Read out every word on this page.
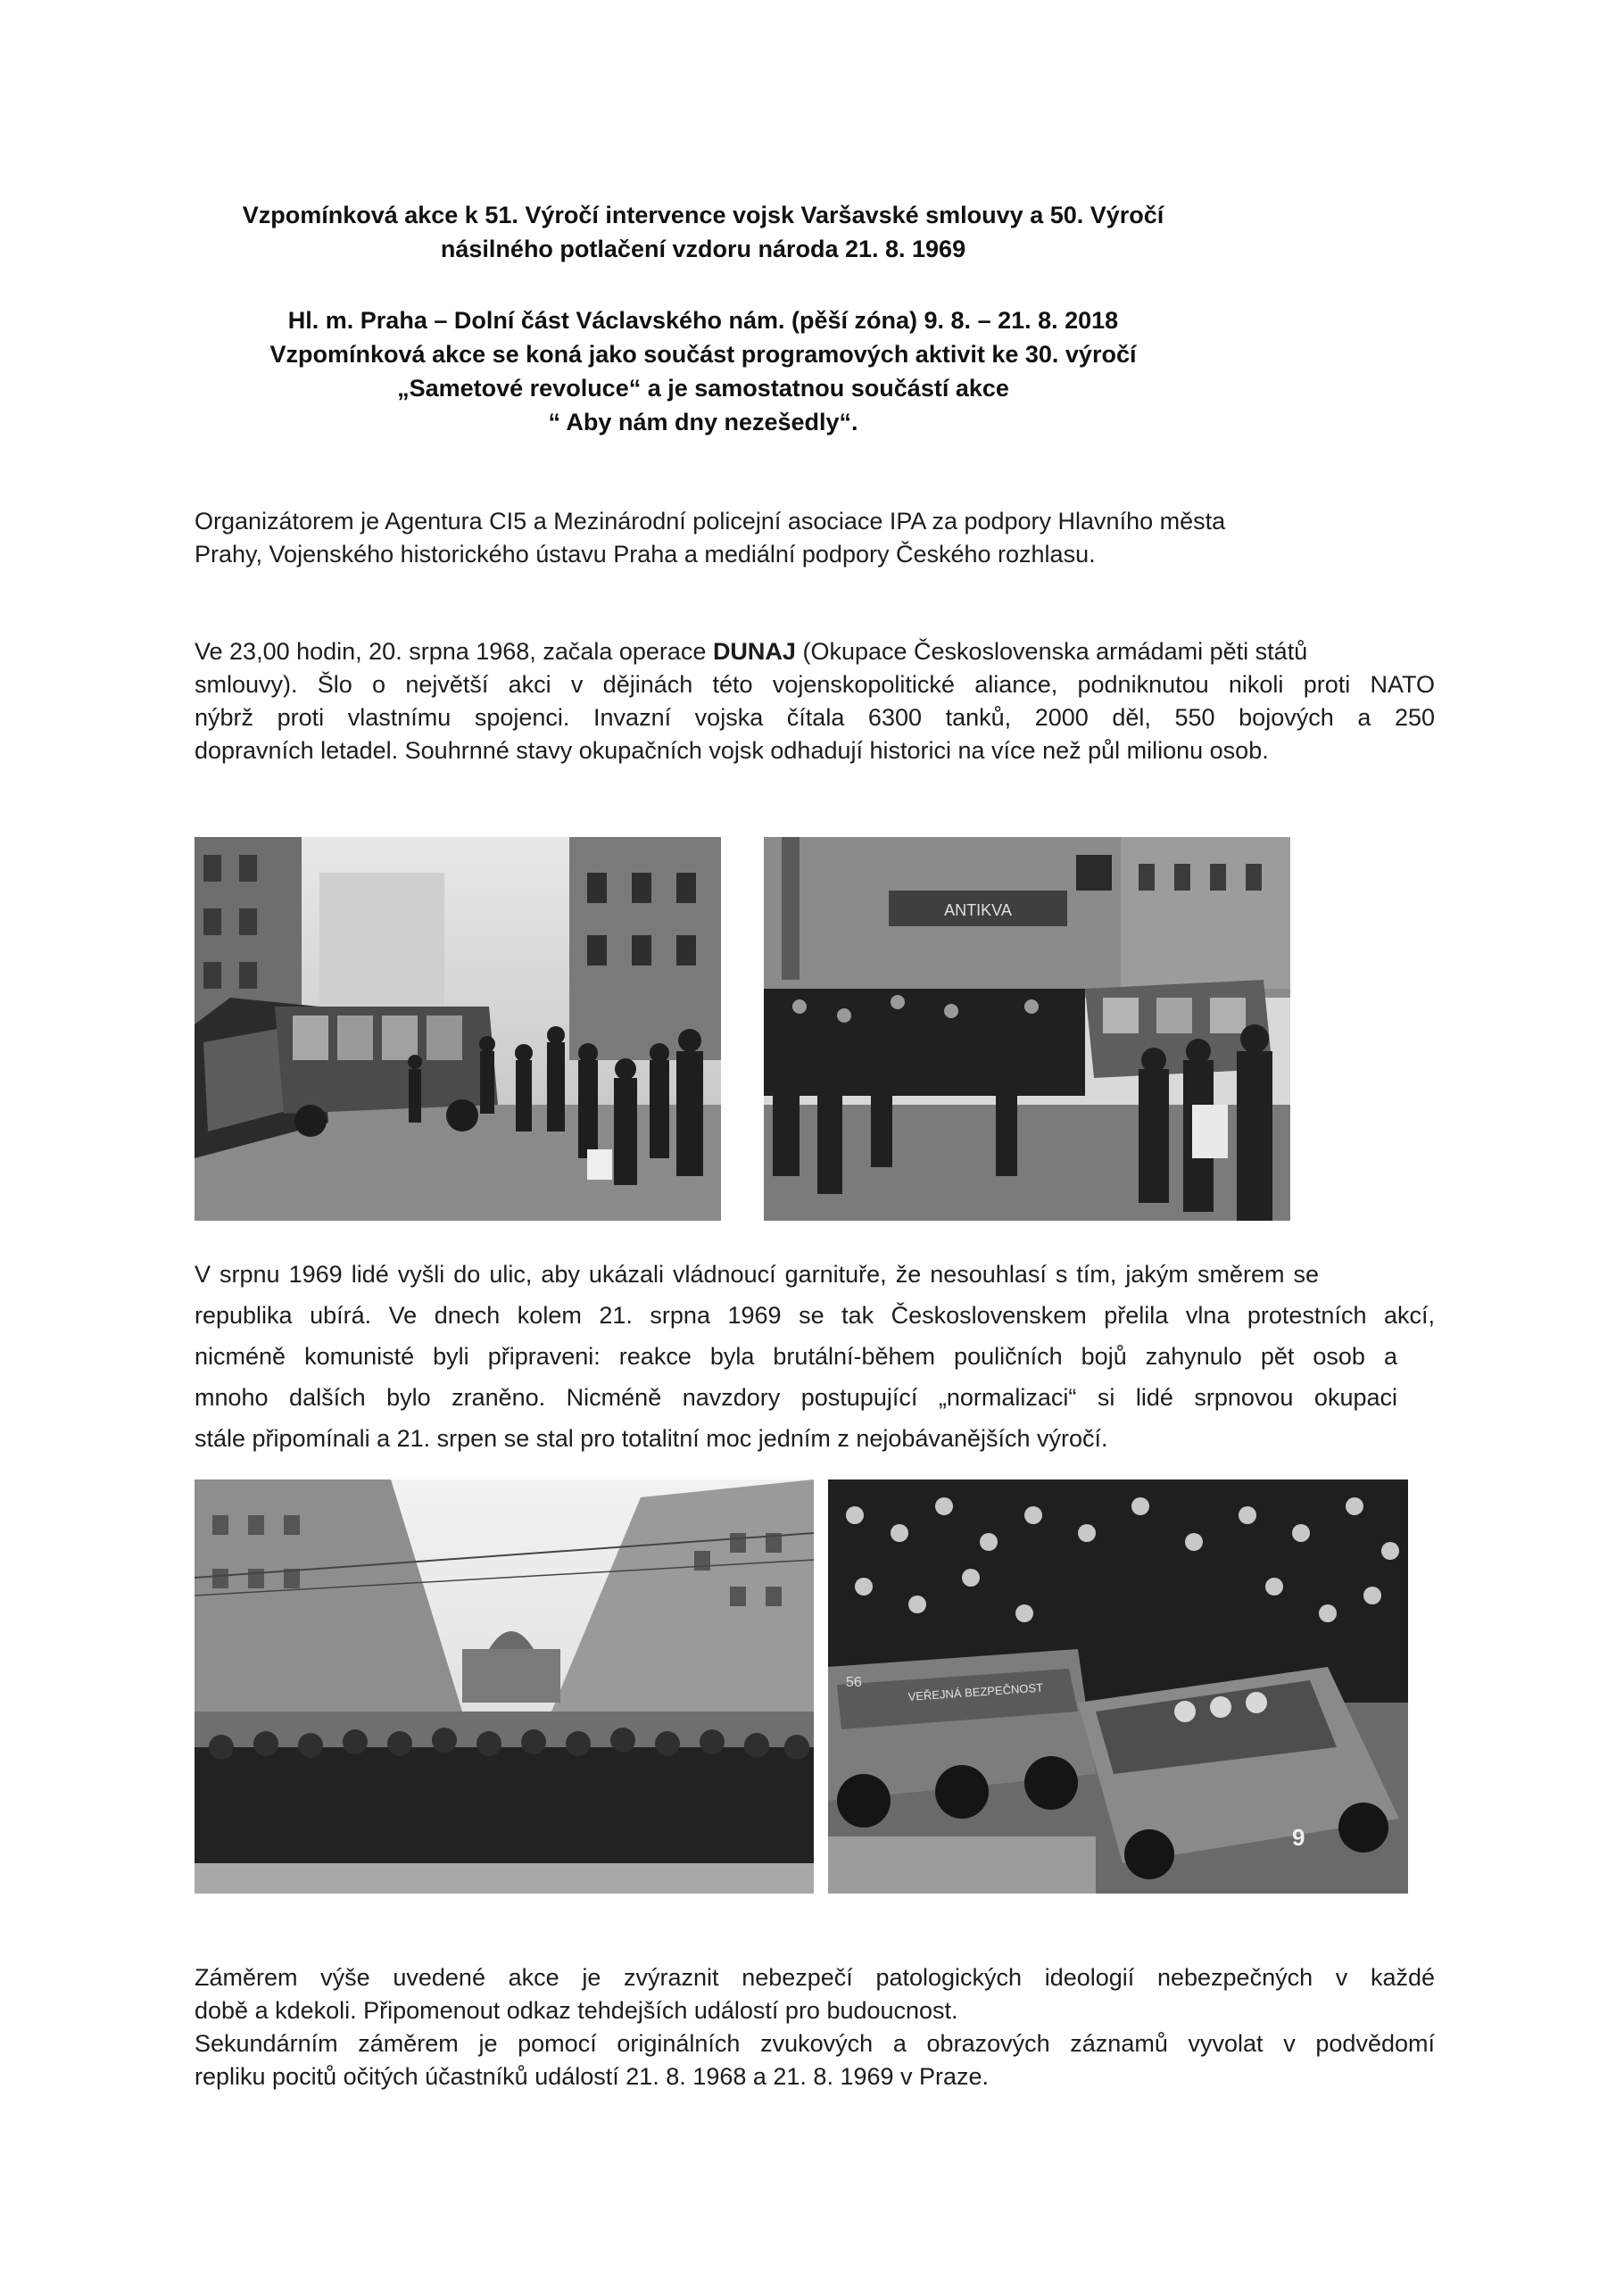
Vzpomínková akce k 51. Výročí intervence vojsk Varšavské smlouvy a 50. Výročí
násilného potlačení vzdoru národa 21. 8. 1969
Hl. m. Praha – Dolní část Václavského nám. (pěší zóna) 9. 8. – 21. 8. 2018
Vzpomínková akce se koná jako součást programových aktivit ke 30. výročí
„Sametové revoluce“ a je samostatnou součástí akce
“ Aby nám dny nezešedly“.
Organizátorem je Agentura CI5 a Mezinárodní policejní asociace IPA za podpory Hlavního města
Prahy, Vojenského historického ústavu Praha a mediální podpory Českého rozhlasu.
Ve 23,00 hodin, 20. srpna 1968, začala operace DUNAJ (Okupace Československa armádami pěti států
smlouvy). Šlo o největší akci v dějinách této vojenskopolitické aliance, podniknutou nikoli proti NATO
nýbrž proti vlastnímu spojenci. Invazní vojska čítala 6300 tanků, 2000 děl, 550 bojových a 250
dopravních letadel. Souhrnné stavy okupačních vojsk odhadují historici na více než půl milionu osob.
ANTIKVA
V srpnu 1969 lidé vyšli do ulic, aby ukázali vládnoucí garnituře, že nesouhlasí s tím, jakým směrem se
republika ubírá. Ve dnech kolem 21. srpna 1969 se tak Československem přelila vlna protestních akcí,
nicméně komunisté byli připraveni: reakce byla brutální-během pouličních bojů zahynulo pět osob a
mnoho dalších bylo zraněno. Nicméně navzdory postupující „normalizaci“ si lidé srpnovou okupaci
stále připomínali a 21. srpen se stal pro totalitní moc jedním z nejobávanějších výročí.
56	VEŘEJNÁ BEZPEČNOST
9
Záměrem výše uvedené akce je zvýraznit nebezpečí patologických ideologií nebezpečných v každé
době a kdekoli. Připomenout odkaz tehdejších událostí pro budoucnost.
Sekundárním záměrem je pomocí originálních zvukových a obrazových záznamů vyvolat v podvědomí
repliku pocitů očitých účastníků událostí 21. 8. 1968 a 21. 8. 1969 v Praze.
